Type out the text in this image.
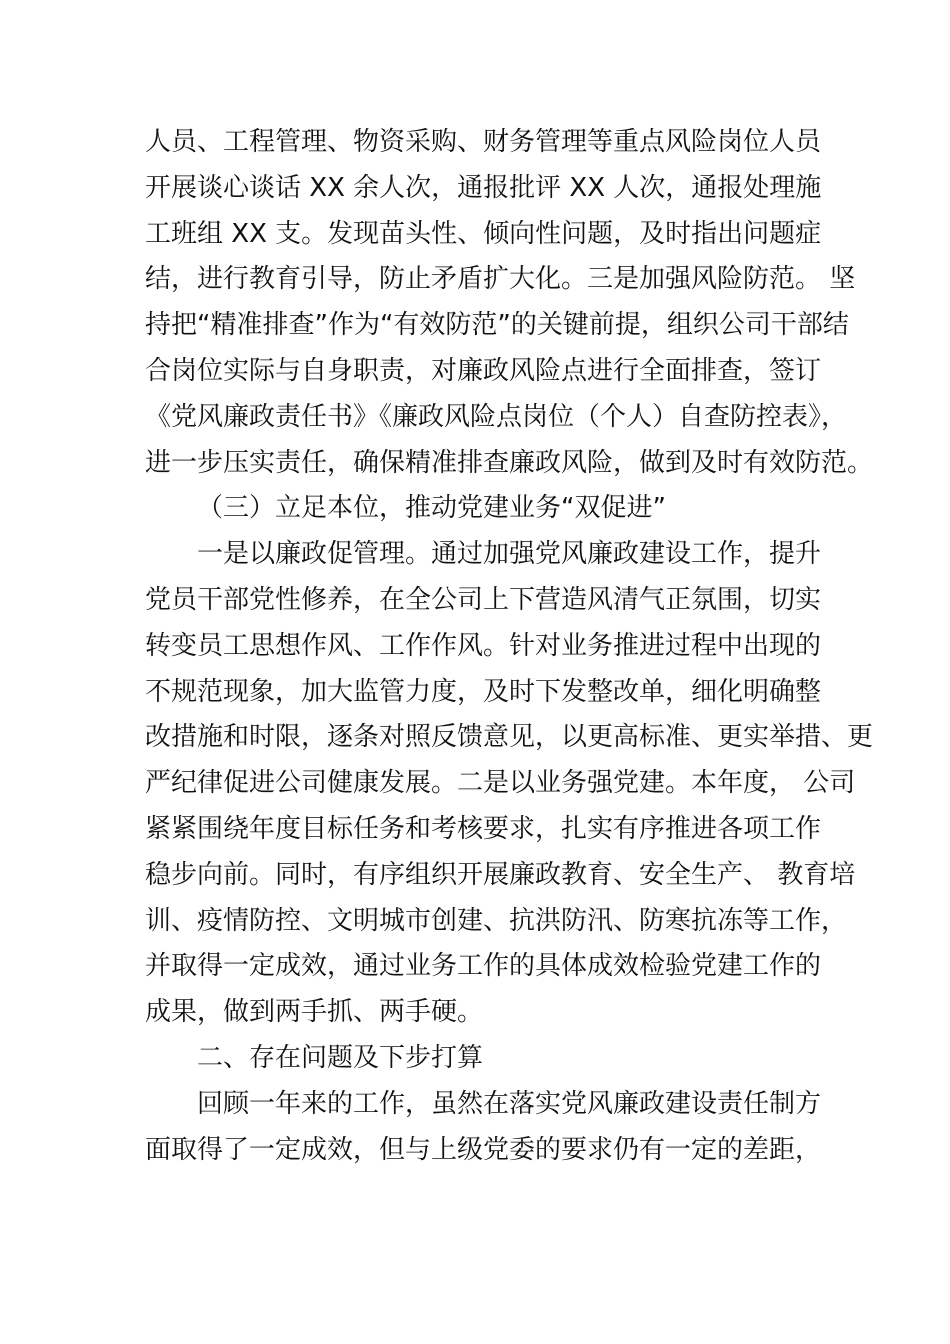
人员、工程管理、物资采购、财务管理等重点风险岗位人员
开展谈心谈话 XX 余人次，通报批评 XX 人次，通报处理施
工班组 XX 支。发现苗头性、倾向性问题，及时指出问题症
结，进行教育引导，防止矛盾扩大化。三是加强风险防范。 坚
持把“精准排查”作为“有效防范”的关键前提，组织公司干部结
合岗位实际与自身职责，对廉政风险点进行全面排查，签订
《党风廉政责任书》《廉政风险点岗位（个人）自查防控表》，
进一步压实责任，确保精准排查廉政风险，做到及时有效防范。
（三）立足本位，推动党建业务“双促进”
一是以廉政促管理。通过加强党风廉政建设工作，提升
党员干部党性修养，在全公司上下营造风清气正氛围，切实
转变员工思想作风、工作作风。针对业务推进过程中出现的
不规范现象，加大监管力度，及时下发整改单，细化明确整
改措施和时限，逐条对照反馈意见，以更高标准、更实举措、更
严纪律促进公司健康发展。二是以业务强党建。本年度， 公司
紧紧围绕年度目标任务和考核要求，扎实有序推进各项工作
稳步向前。同时，有序组织开展廉政教育、安全生产、 教育培
训、疫情防控、文明城市创建、抗洪防汛、防寒抗冻等工作，
并取得一定成效，通过业务工作的具体成效检验党建工作的
成果，做到两手抓、两手硬。
二、存在问题及下步打算
回顾一年来的工作，虽然在落实党风廉政建设责任制方
面取得了一定成效，但与上级党委的要求仍有一定的差距，
